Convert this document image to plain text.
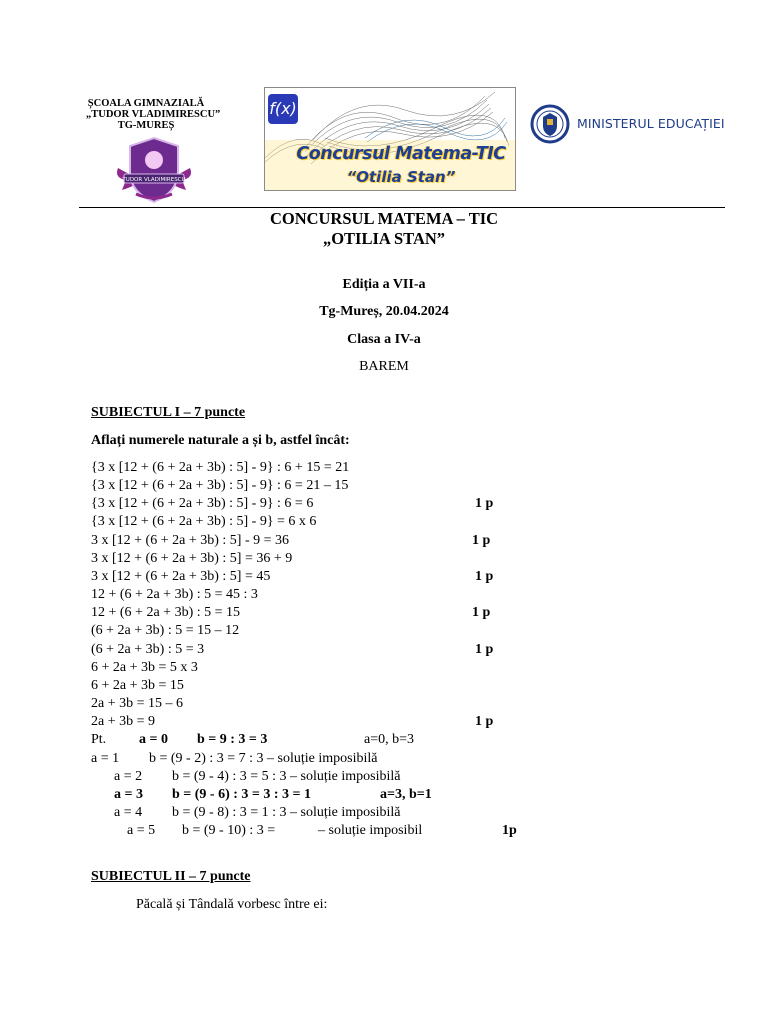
ȘCOALA GIMNAZIALĂ
„TUDOR VLADIMIRESCU”
TG-MUREȘ
TUDOR VLADIMIRESCU
f(x)
Concursul Matema-TIC
“Otilia Stan”
MINISTERUL EDUCAȚIEI
CONCURSUL MATEMA – TIC
„OTILIA STAN”
Ediția a VII-a
Tg-Mureș, 20.04.2024
Clasa a IV-a
BAREM
SUBIECTUL I – 7 puncte
Aflați numerele naturale a și b, astfel încât:
{3 x [12 + (6 + 2a + 3b) : 5] - 9} : 6 + 15 = 21
{3 x [12 + (6 + 2a + 3b) : 5] - 9} : 6 = 21 – 15
{3 x [12 + (6 + 2a + 3b) : 5] - 9} : 6 = 6	1 p
{3 x [12 + (6 + 2a + 3b) : 5] - 9} = 6 x 6
3 x [12 + (6 + 2a + 3b) : 5] - 9 = 36	1 p
3 x [12 + (6 + 2a + 3b) : 5] = 36 + 9
3 x [12 + (6 + 2a + 3b) : 5] = 45	1 p
12 + (6 + 2a + 3b) : 5 = 45 : 3
12 + (6 + 2a + 3b) : 5 = 15	1 p
(6 + 2a + 3b) : 5 = 15 – 12
(6 + 2a + 3b) : 5 = 3	1 p
6 + 2a + 3b = 5 x 3
6 + 2a + 3b = 15
2a + 3b = 15 – 6
2a + 3b = 9	1 p
Pt. a = 0 b = 9 : 3 = 3	a=0, b=3
a = 1 b = (9 - 2) : 3 = 7 : 3 – soluție imposibilă
a = 2 b = (9 - 4) : 3 = 5 : 3 – soluție imposibilă
a = 3 b = (9 - 6) : 3 = 3 : 3 = 1	a=3, b=1
a = 4 b = (9 - 8) : 3 = 1 : 3 – soluție imposibilă
a = 5 b = (9 - 10) : 3 =	– soluție imposibil	1p
SUBIECTUL II – 7 puncte
Păcală și Tândală vorbesc între ei:
